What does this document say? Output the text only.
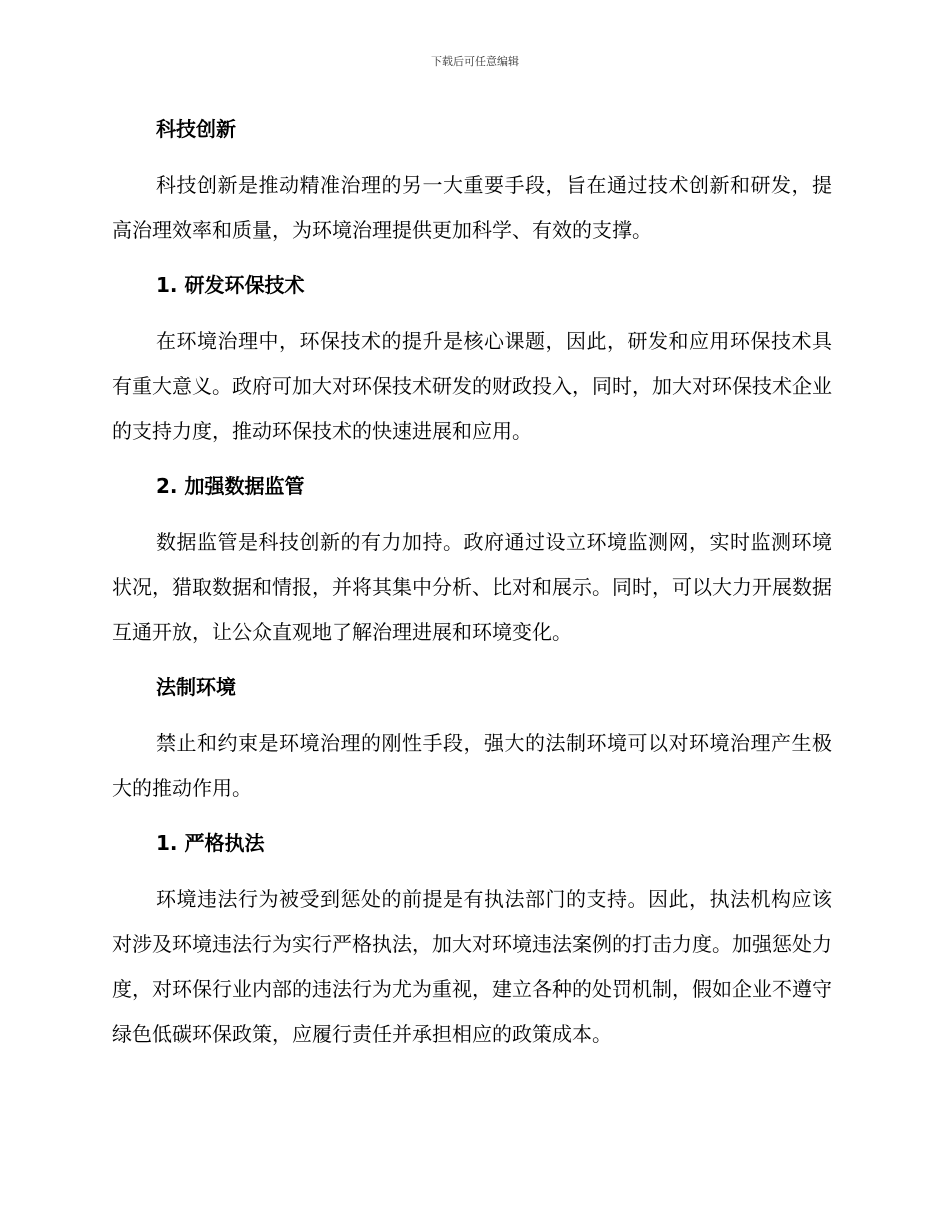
下载后可任意编辑
科技创新

科技创新是推动精准治理的另一大重要手段，旨在通过技术创新和研发，提高治理效率和质量，为环境治理提供更加科学、有效的支撑。

1. 研发环保技术

在环境治理中，环保技术的提升是核心课题，因此，研发和应用环保技术具有重大意义。政府可加大对环保技术研发的财政投入，同时，加大对环保技术企业的支持力度，推动环保技术的快速进展和应用。

2. 加强数据监管

数据监管是科技创新的有力加持。政府通过设立环境监测网，实时监测环境状况，猎取数据和情报，并将其集中分析、比对和展示。同时，可以大力开展数据互通开放，让公众直观地了解治理进展和环境变化。

法制环境

禁止和约束是环境治理的刚性手段，强大的法制环境可以对环境治理产生极大的推动作用。

1. 严格执法

环境违法行为被受到惩处的前提是有执法部门的支持。因此，执法机构应该对涉及环境违法行为实行严格执法，加大对环境违法案例的打击力度。加强惩处力度，对环保行业内部的违法行为尤为重视，建立各种的处罚机制，假如企业不遵守绿色低碳环保政策，应履行责任并承担相应的政策成本。
